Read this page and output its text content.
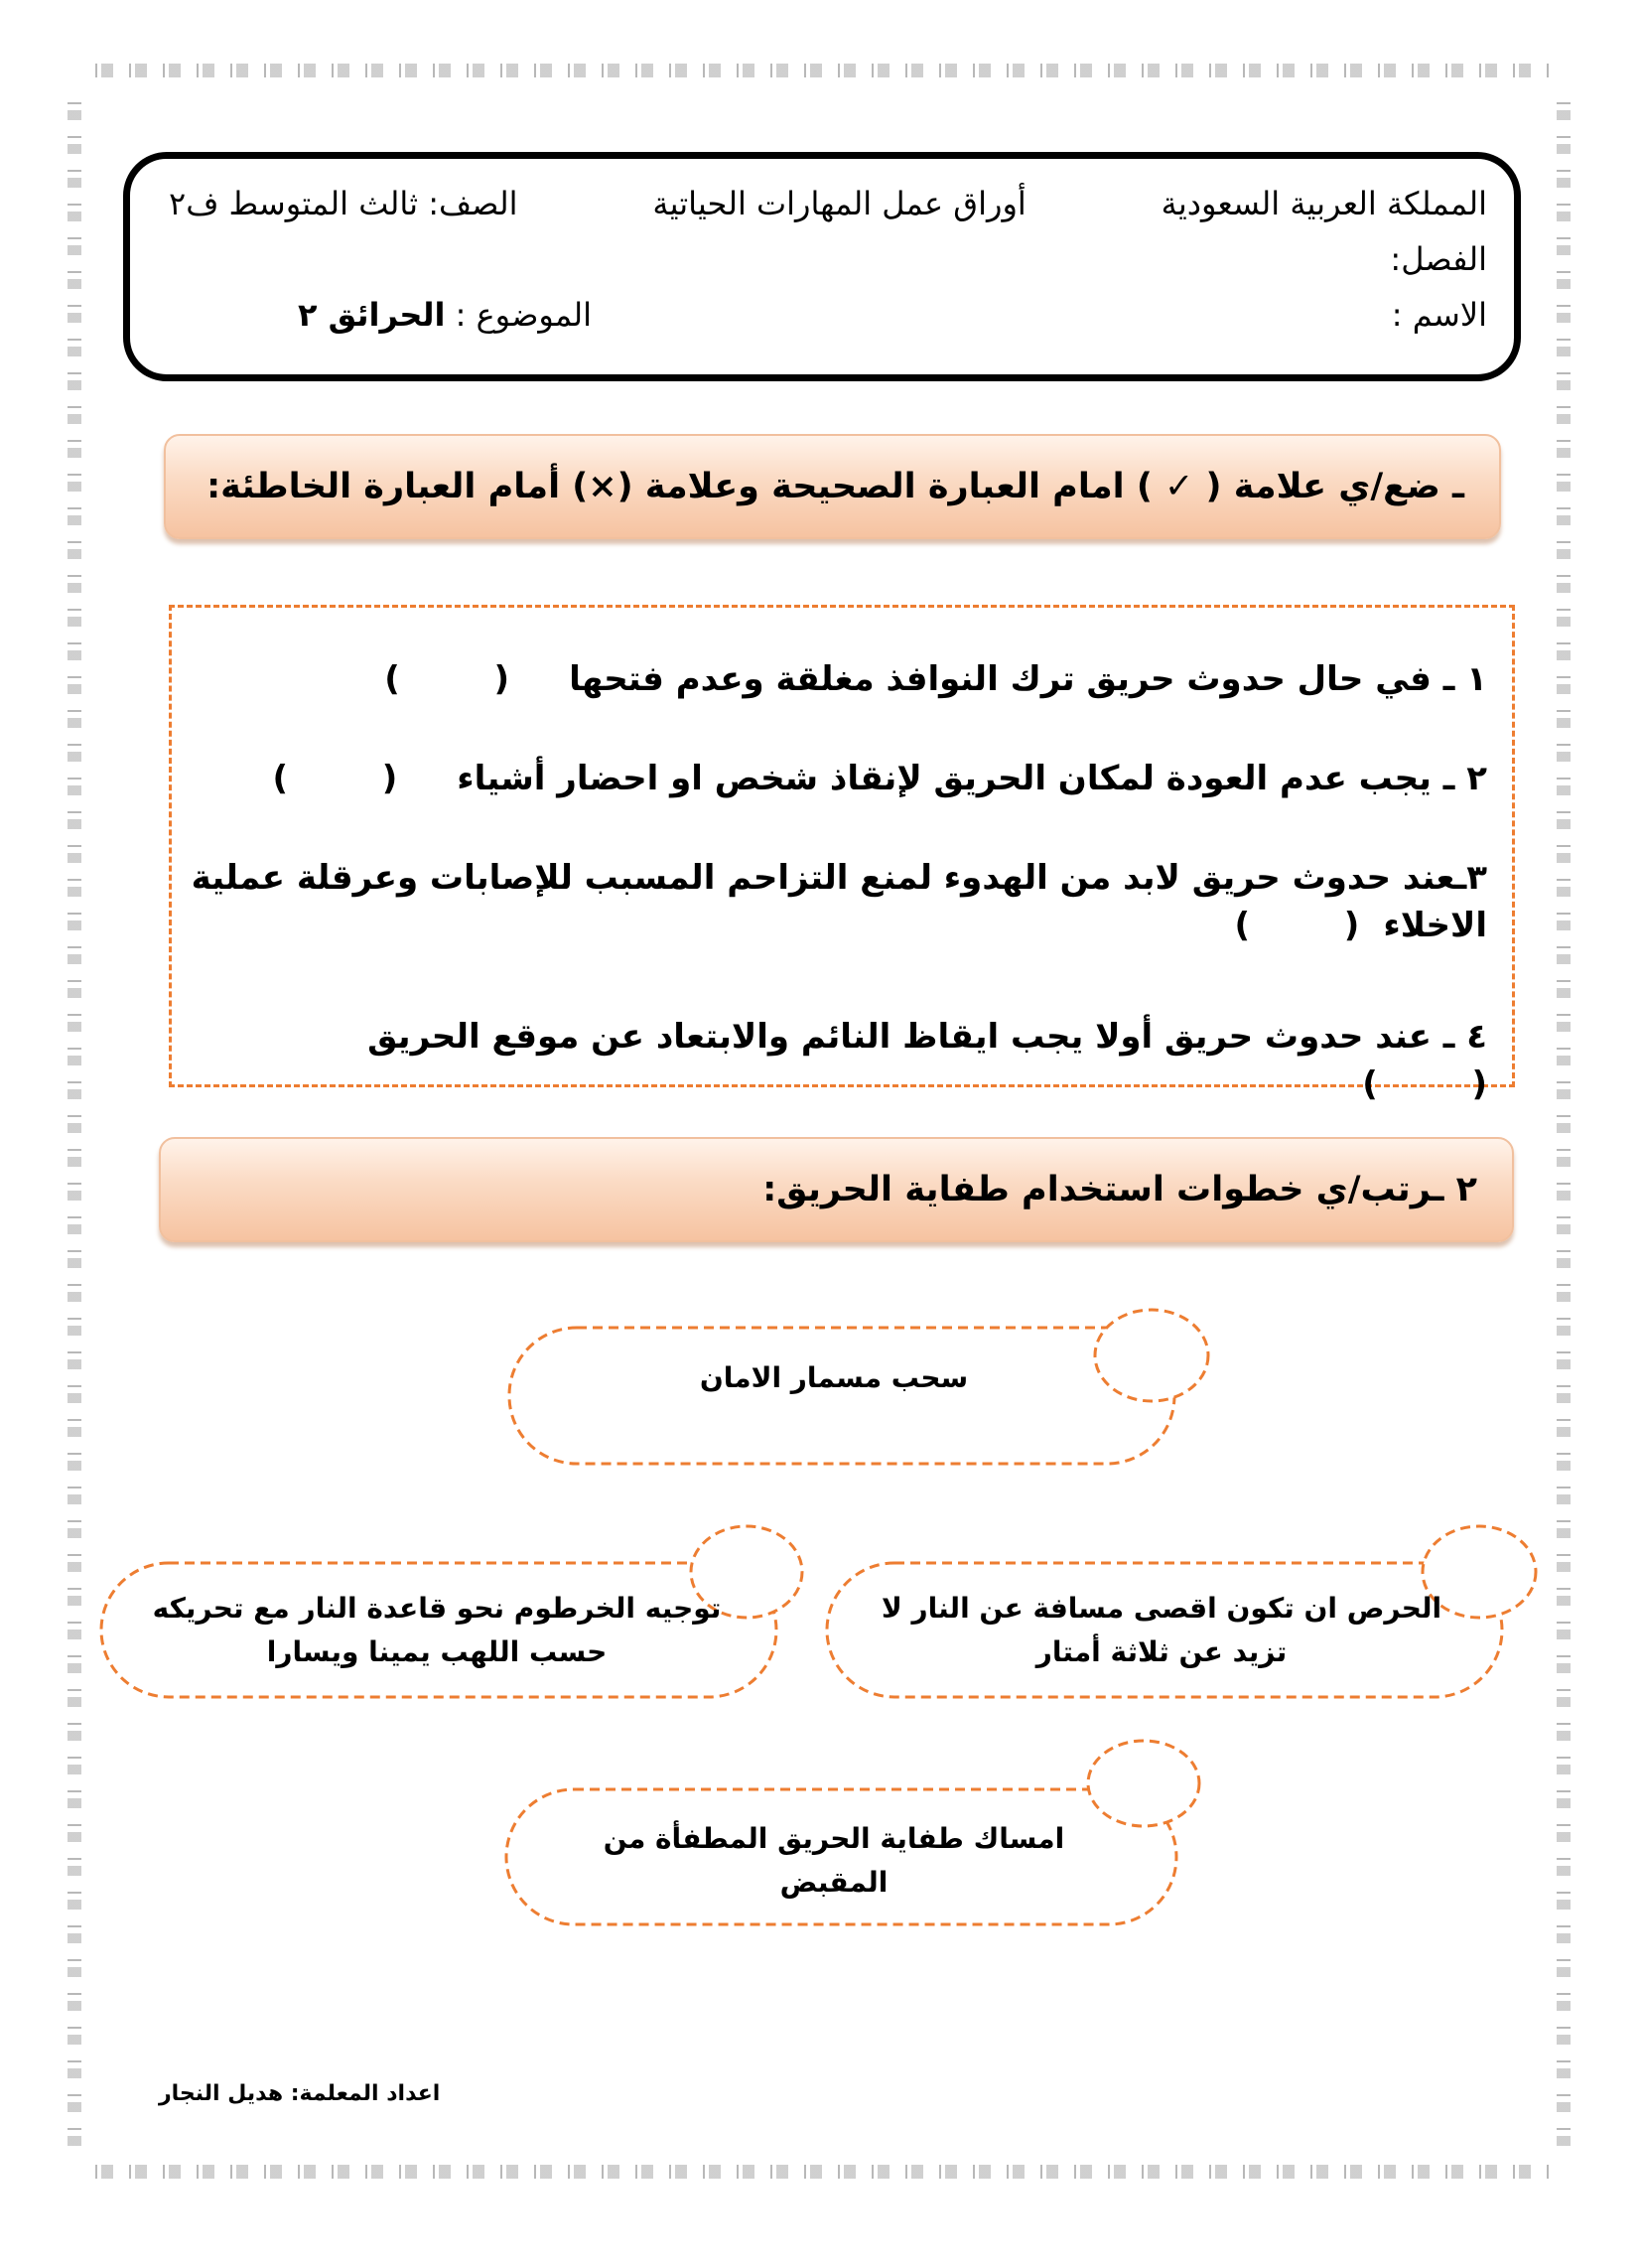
المملكة العربية السعودية
أوراق عمل المهارات الحياتية
الصف: ثالث المتوسط ف٢
الفصل:
الاسم :
الموضوع : الحرائق ٢
ـ ضع/ي علامة ( ✓ ) امام العبارة الصحيحة وعلامة (×) أمام العبارة الخاطئة:
١ ـ في حال حدوث حريق ترك النوافذ مغلقة وعدم فتحها
(        )
٢ ـ يجب عدم العودة لمكان الحريق لإنقاذ شخص او احضار أشياء
(        )
٣ـعند حدوث حريق لابد من الهدوء لمنع التزاحم المسبب للإصابات وعرقلة عملية
الاخلاء
(        )
٤ ـ عند حدوث حريق أولا يجب ايقاظ النائم والابتعاد عن موقع الحريق
(        )
٢ ـرتب/ي خطوات استخدام طفاية الحريق:
سحب مسمار الامان
توجيه الخرطوم نحو قاعدة النار مع تحريكه حسب اللهب يمينا ويسارا
الحرص ان تكون اقصى مسافة عن النار لا تزيد عن ثلاثة أمتار
امساك طفاية الحريق المطفأة من المقبض
اعداد المعلمة: هديل النجار
